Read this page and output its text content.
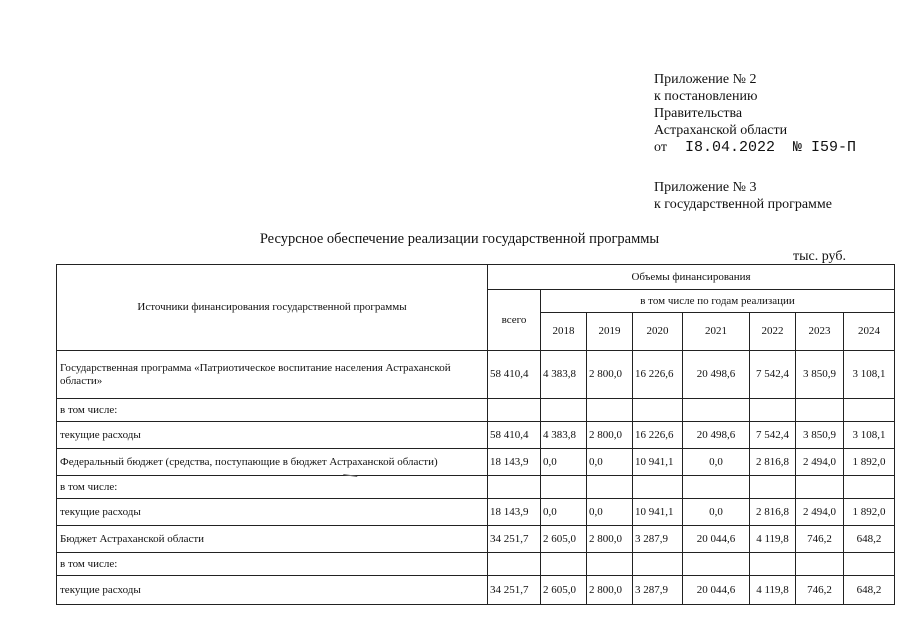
Приложение № 2
к постановлению
Правительства
Астраханской области
от I8.04.2022 № I59-П
Приложение № 3
к государственной программе
Ресурсное обеспечение реализации государственной программы
тыс. руб.
Источники финансирования государственной программы	Объемы финансирования							
	всего	в том числе по годам реализации						
		2018	2019	2020	2021	2022	2023	2024
Государственная программа «Патриотическое воспитание населения Астраханской области»	58 410,4	4 383,8	2 800,0	16 226,6	20 498,6	7 542,4	3 850,9	3 108,1
в том числе:								
текущие расходы	58 410,4	4 383,8	2 800,0	16 226,6	20 498,6	7 542,4	3 850,9	3 108,1
Федеральный бюджет (средства, поступающие в бюджет Астраханской области)	18 143,9	0,0	0,0	10 941,1	0,0	2 816,8	2 494,0	1 892,0
в том числе:								
текущие расходы	18 143,9	0,0	0,0	10 941,1	0,0	2 816,8	2 494,0	1 892,0
Бюджет Астраханской области	34 251,7	2 605,0	2 800,0	3 287,9	20 044,6	4 119,8	746,2	648,2
в том числе:								
текущие расходы	34 251,7	2 605,0	2 800,0	3 287,9	20 044,6	4 119,8	746,2	648,2
